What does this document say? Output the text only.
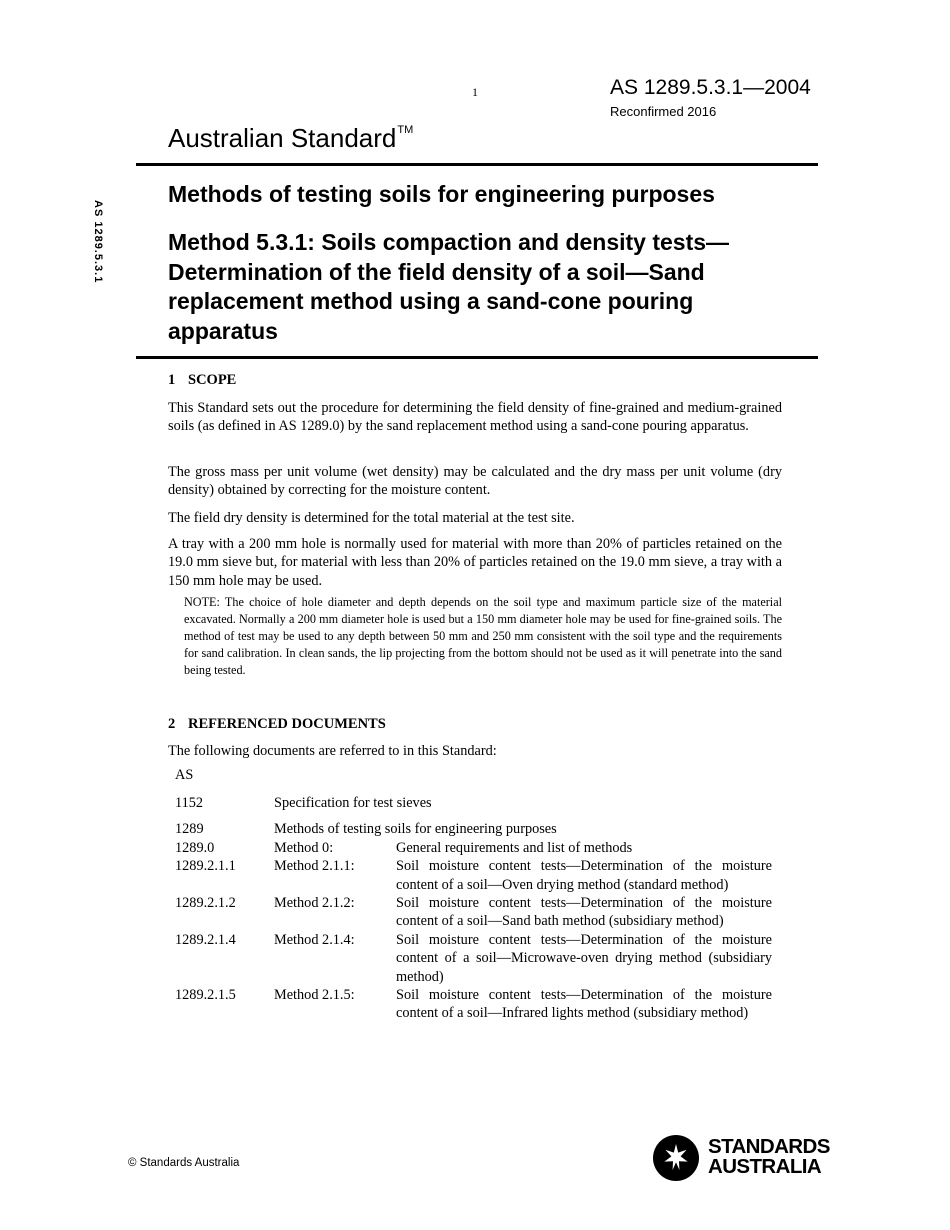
1	AS 1289.5.3.1—2004
Reconfirmed 2016
Australian Standard™
AS 1289.5.3.1
Methods of testing soils for engineering purposes
Method 5.3.1: Soils compaction and density tests—Determination of the field density of a soil—Sand replacement method using a sand-cone pouring apparatus
1 SCOPE
This Standard sets out the procedure for determining the field density of fine-grained and medium-grained soils (as defined in AS 1289.0) by the sand replacement method using a sand-cone pouring apparatus.
The gross mass per unit volume (wet density) may be calculated and the dry mass per unit volume (dry density) obtained by correcting for the moisture content.
The field dry density is determined for the total material at the test site.
A tray with a 200 mm hole is normally used for material with more than 20% of particles retained on the 19.0 mm sieve but, for material with less than 20% of particles retained on the 19.0 mm sieve, a tray with a 150 mm hole may be used.
NOTE: The choice of hole diameter and depth depends on the soil type and maximum particle size of the material excavated. Normally a 200 mm diameter hole is used but a 150 mm diameter hole may be used for fine-grained soils. The method of test may be used to any depth between 50 mm and 250 mm consistent with the soil type and the requirements for sand calibration. In clean sands, the lip projecting from the bottom should not be used as it will penetrate into the sand being tested.
2 REFERENCED DOCUMENTS
The following documents are referred to in this Standard:
AS
1152	Specification for test sieves
1289	Methods of testing soils for engineering purposes
1289.0	Method 0:	General requirements and list of methods
1289.2.1.1	Method 2.1.1:	Soil moisture content tests—Determination of the moisture content of a soil—Oven drying method (standard method)
1289.2.1.2	Method 2.1.2:	Soil moisture content tests—Determination of the moisture content of a soil—Sand bath method (subsidiary method)
1289.2.1.4	Method 2.1.4:	Soil moisture content tests—Determination of the moisture content of a soil—Microwave-oven drying method (subsidiary method)
1289.2.1.5	Method 2.1.5:	Soil moisture content tests—Determination of the moisture content of a soil—Infrared lights method (subsidiary method)
© Standards Australia
STANDARDS
AUSTRALIA
